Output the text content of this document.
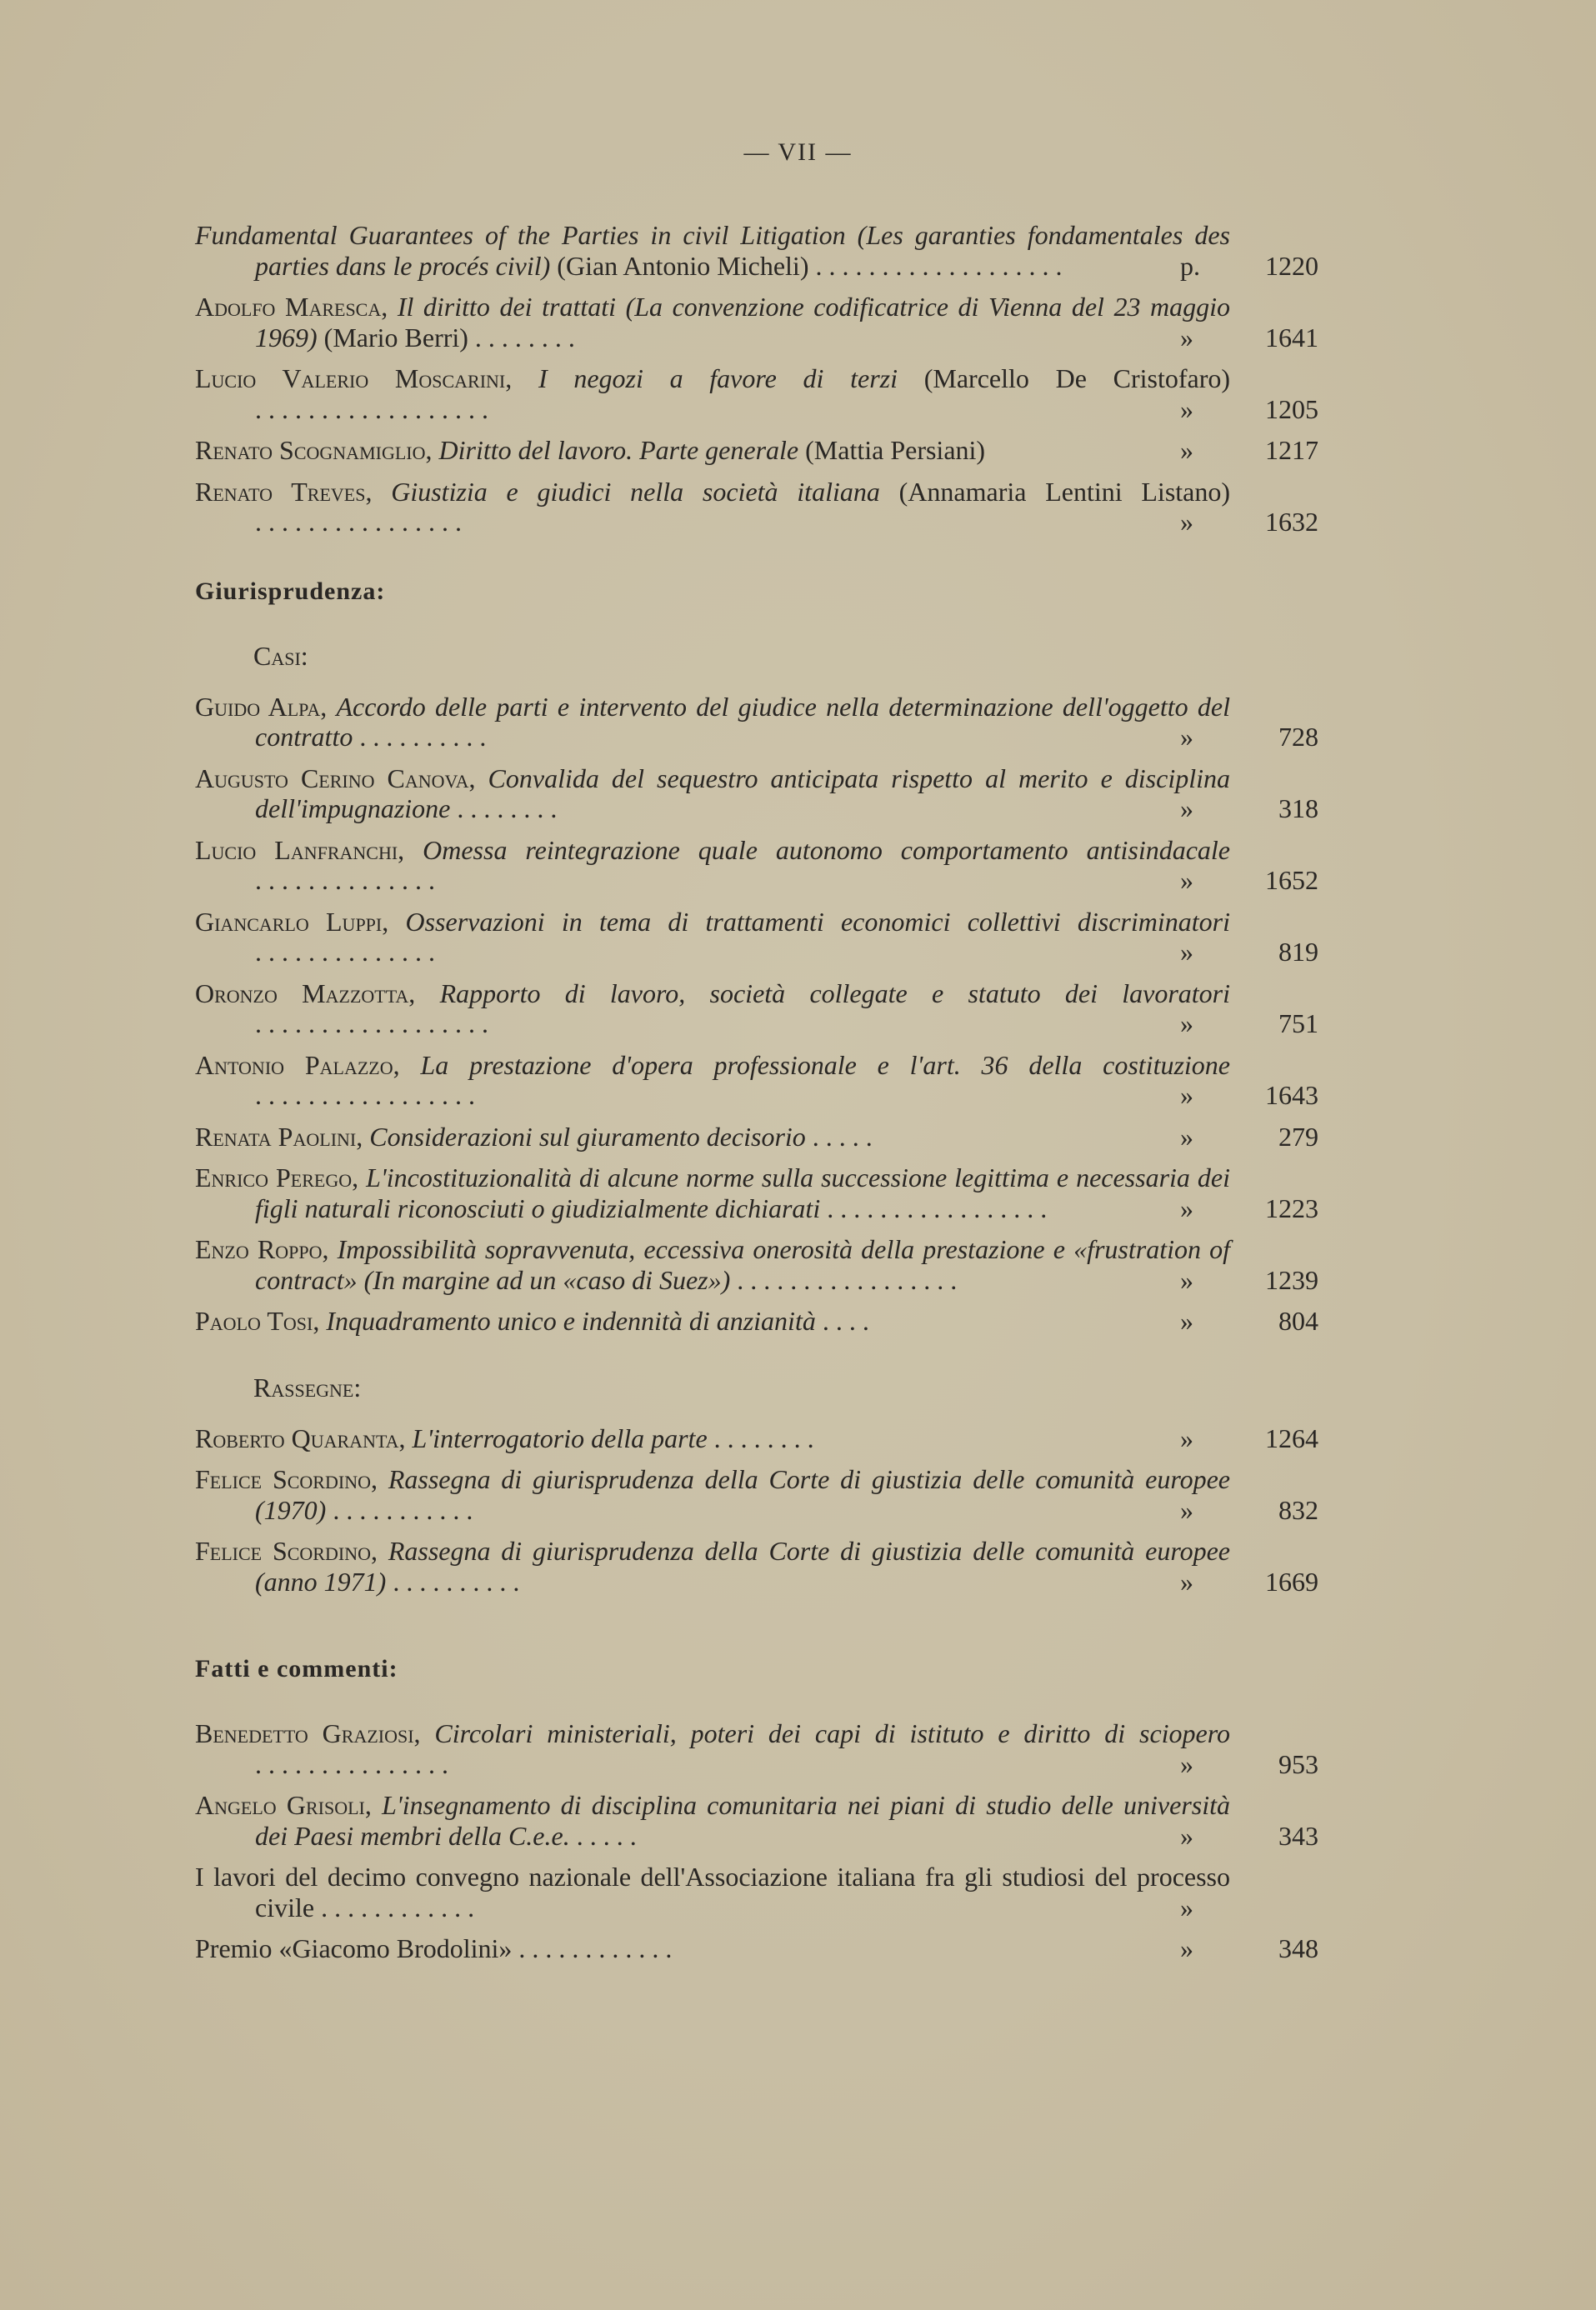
— VII —
Fundamental Guarantees of the Parties in civil Litigation (Les garanties fondamentales des parties dans le procés civil) (Gian Antonio Micheli) . . . . . . . . . . . . . . . . . . .	p.	1220
Adolfo Maresca, Il diritto dei trattati (La convenzione codificatrice di Vienna del 23 maggio 1969) (Mario Berri) . . . . . . . .	»	1641
Lucio Valerio Moscarini, I negozi a favore di terzi (Marcello De Cristofaro) . . . . . . . . . . . . . . . . . .	»	1205
Renato Scognamiglio, Diritto del lavoro. Parte generale (Mattia Persiani)	»	1217
Renato Treves, Giustizia e giudici nella società italiana (Annamaria Lentini Listano) . . . . . . . . . . . . . . . .	»	1632
Giurisprudenza:
Casi:
Guido Alpa, Accordo delle parti e intervento del giudice nella determinazione dell'oggetto del contratto . . . . . . . . . .	»	728
Augusto Cerino Canova, Convalida del sequestro anticipata rispetto al merito e disciplina dell'impugnazione . . . . . . . .	»	318
Lucio Lanfranchi, Omessa reintegrazione quale autonomo comportamento antisindacale . . . . . . . . . . . . . .	»	1652
Giancarlo Luppi, Osservazioni in tema di trattamenti economici collettivi discriminatori . . . . . . . . . . . . . .	»	819
Oronzo Mazzotta, Rapporto di lavoro, società collegate e statuto dei lavoratori . . . . . . . . . . . . . . . . . .	»	751
Antonio Palazzo, La prestazione d'opera professionale e l'art. 36 della costituzione . . . . . . . . . . . . . . . . .	»	1643
Renata Paolini, Considerazioni sul giuramento decisorio . . . . .	»	279
Enrico Perego, L'incostituzionalità di alcune norme sulla successione legittima e necessaria dei figli naturali riconosciuti o giudizialmente dichiarati . . . . . . . . . . . . . . . . .	»	1223
Enzo Roppo, Impossibilità sopravvenuta, eccessiva onerosità della prestazione e «frustration of contract» (In margine ad un «caso di Suez») . . . . . . . . . . . . . . . . .	»	1239
Paolo Tosi, Inquadramento unico e indennità di anzianità . . . .	»	804
Rassegne:
Roberto Quaranta, L'interrogatorio della parte . . . . . . . .	»	1264
Felice Scordino, Rassegna di giurisprudenza della Corte di giustizia delle comunità europee (1970) . . . . . . . . . . .	»	832
Felice Scordino, Rassegna di giurisprudenza della Corte di giustizia delle comunità europee (anno 1971) . . . . . . . . . .	»	1669
Fatti e commenti:
Benedetto Graziosi, Circolari ministeriali, poteri dei capi di istituto e diritto di sciopero . . . . . . . . . . . . . . .	»	953
Angelo Grisoli, L'insegnamento di disciplina comunitaria nei piani di studio delle università dei Paesi membri della C.e.e. . . . . .	»	343
I lavori del decimo convegno nazionale dell'Associazione italiana fra gli studiosi del processo civile . . . . . . . . . . . .	»
Premio «Giacomo Brodolini» . . . . . . . . . . . .	»	348
